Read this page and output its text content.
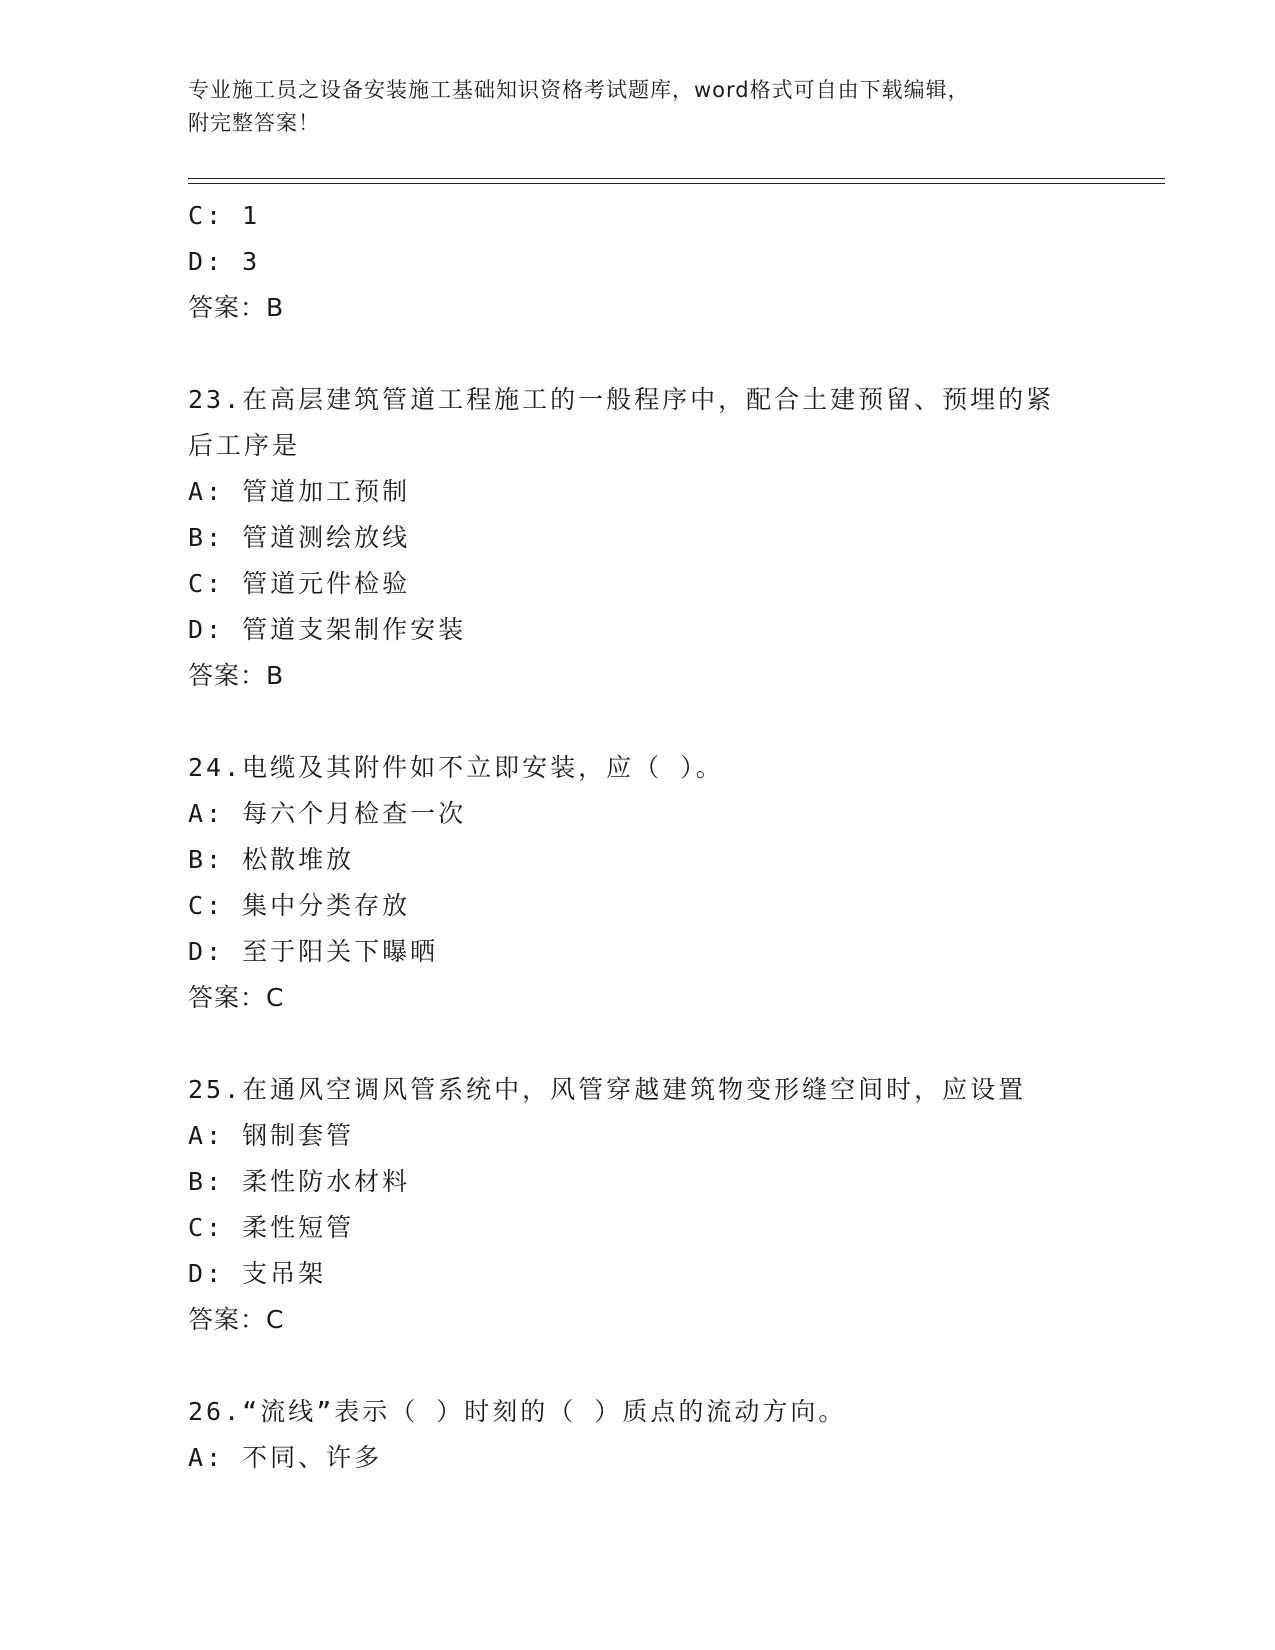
专业施工员之设备安装施工基础知识资格考试题库，word格式可自由下载编辑，
附完整答案！
C: 1
D: 3
答案：B
23.在高层建筑管道工程施工的一般程序中，配合土建预留、预埋的紧
后工序是
A: 管道加工预制
B: 管道测绘放线
C: 管道元件检验
D: 管道支架制作安装
答案：B
24.电缆及其附件如不立即安装，应（ ）。
A: 每六个月检查一次
B: 松散堆放
C: 集中分类存放
D: 至于阳关下曝晒
答案：C
25.在通风空调风管系统中，风管穿越建筑物变形缝空间时，应设置
A: 钢制套管
B: 柔性防水材料
C: 柔性短管
D: 支吊架
答案：C
26.“流线”表示（ ）时刻的（ ）质点的流动方向。
A: 不同、许多
